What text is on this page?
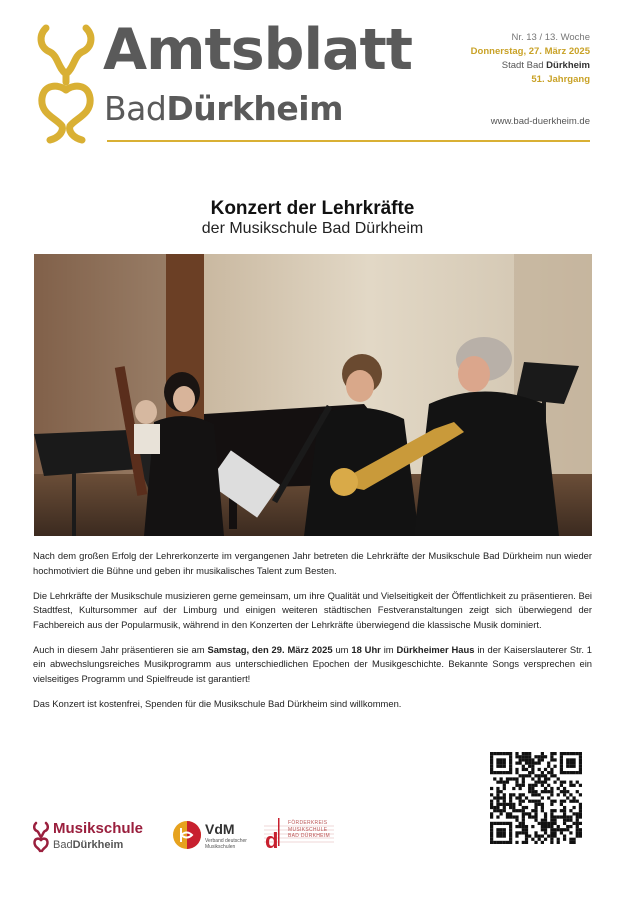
Amtsblatt
BadDürkheim
Nr. 13 / 13. Woche
Donnerstag, 27. März 2025
Stadt Bad Dürkheim
51. Jahrgang
www.bad-duerkheim.de
Konzert der Lehrkräfte
der Musikschule Bad Dürkheim

Nach dem großen Erfolg der Lehrerkonzerte im vergangenen Jahr betreten die Lehrkräfte der Musikschule Bad Dürkheim nun wieder hochmotiviert die Bühne und geben ihr musikalisches Talent zum Besten.

Die Lehrkräfte der Musikschule musizieren gerne gemeinsam, um ihre Qualität und Vielseitigkeit der Öffentlichkeit zu präsentieren. Bei Stadtfest, Kultursommer auf der Limburg und einigen weiteren städtischen Festveranstaltungen zeigt sich überwiegend der Fachbereich aus der Popularmusik, während in den Konzerten der Lehrkräfte überwiegend die klassische Musik dominiert.

Auch in diesem Jahr präsentieren sie am Samstag, den 29. März 2025 um 18 Uhr im Dürkheimer Haus in der Kaiserslauterer Str. 1 ein abwechslungsreiches Musikprogramm aus unterschiedlichen Epochen der Musikgeschichte. Bekannte Songs versprechen ein vielseitiges Programm und Spielfreude ist garantiert!

Das Konzert ist kostenfrei, Spenden für die Musikschule Bad Dürkheim sind willkommen.

Musikschule
BadDürkheim
VdM
Verband deutscher Musikschulen	d
FÖRDERKREIS
MUSIKSCHULE
BAD DÜRKHEIM
